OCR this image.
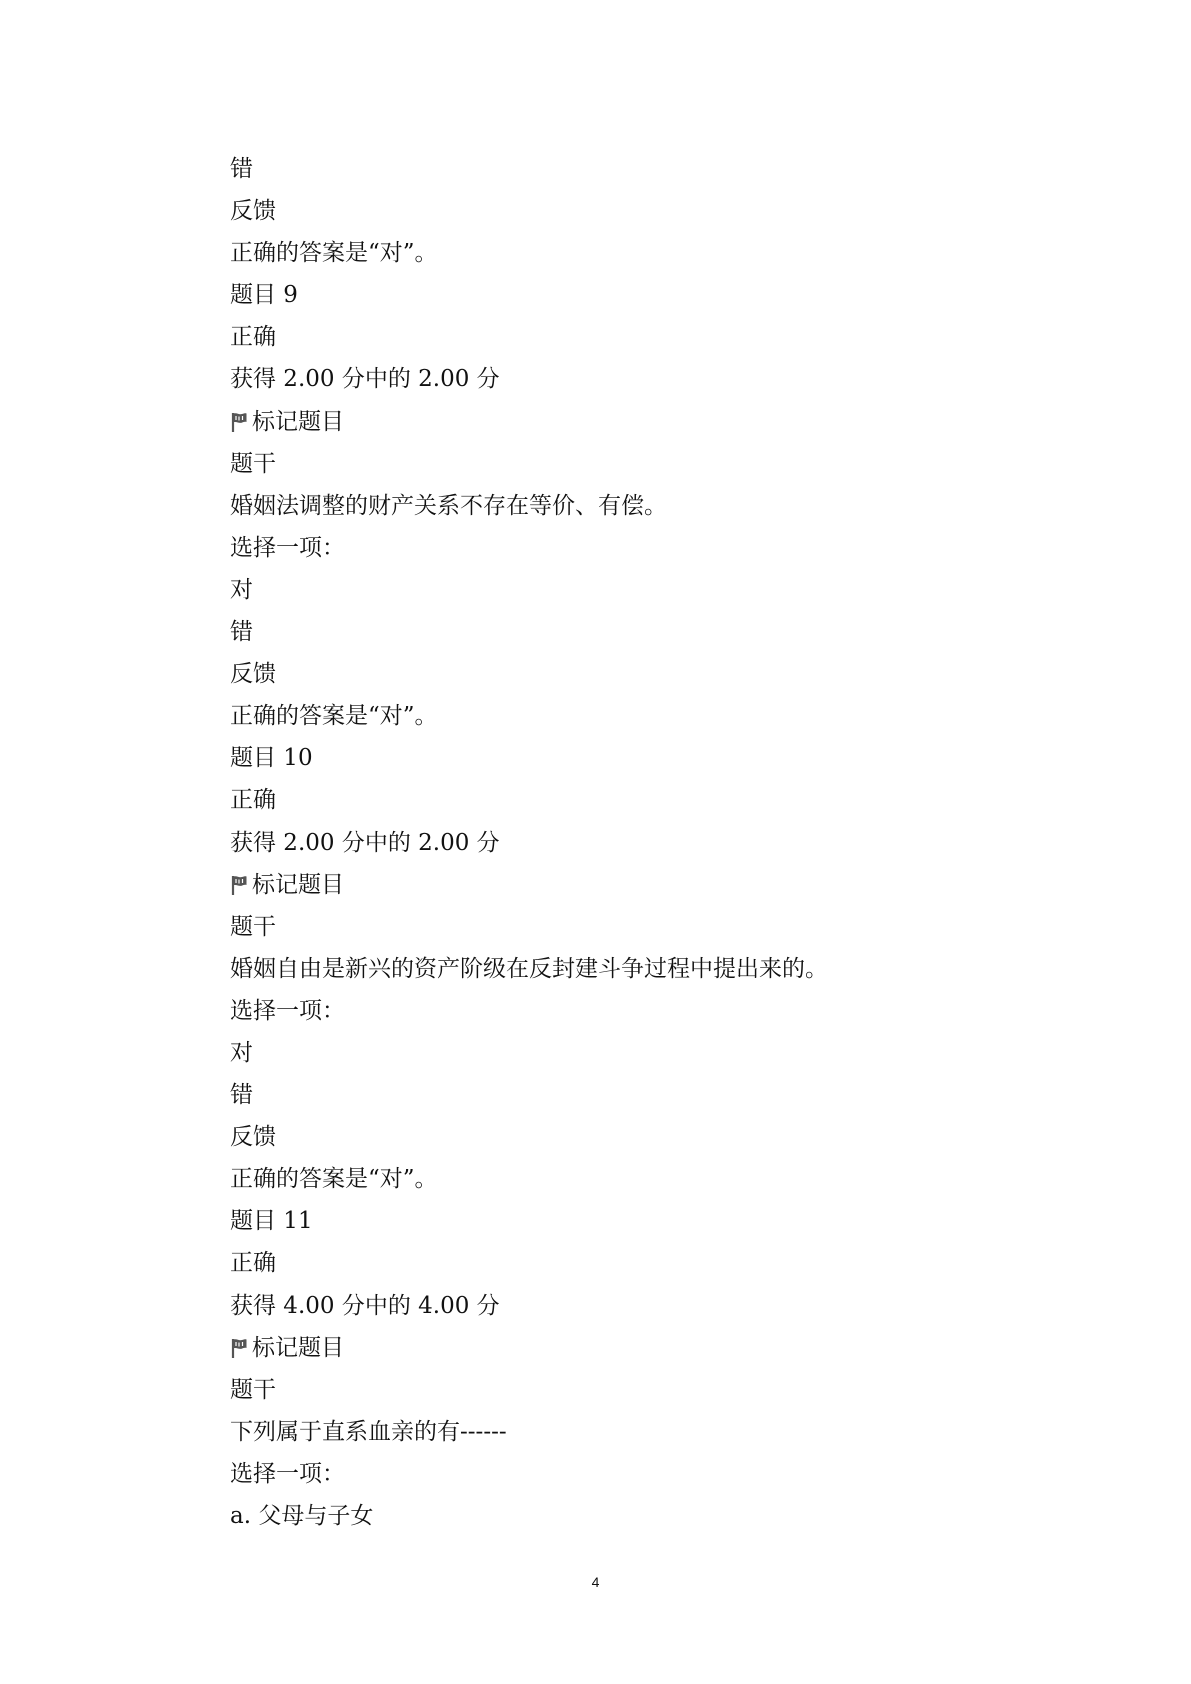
错
反馈
正确的答案是“对”。
题目 9
正确
获得 2.00 分中的 2.00 分
标记题目
题干
婚姻法调整的财产关系不存在等价、有偿。
选择一项：
对
错
反馈
正确的答案是“对”。
题目 10
正确
获得 2.00 分中的 2.00 分
标记题目
题干
婚姻自由是新兴的资产阶级在反封建斗争过程中提出来的。
选择一项：
对
错
反馈
正确的答案是“对”。
题目 11
正确
获得 4.00 分中的 4.00 分
标记题目
题干
下列属于直系血亲的有------
选择一项：
a. 父母与子女
4
